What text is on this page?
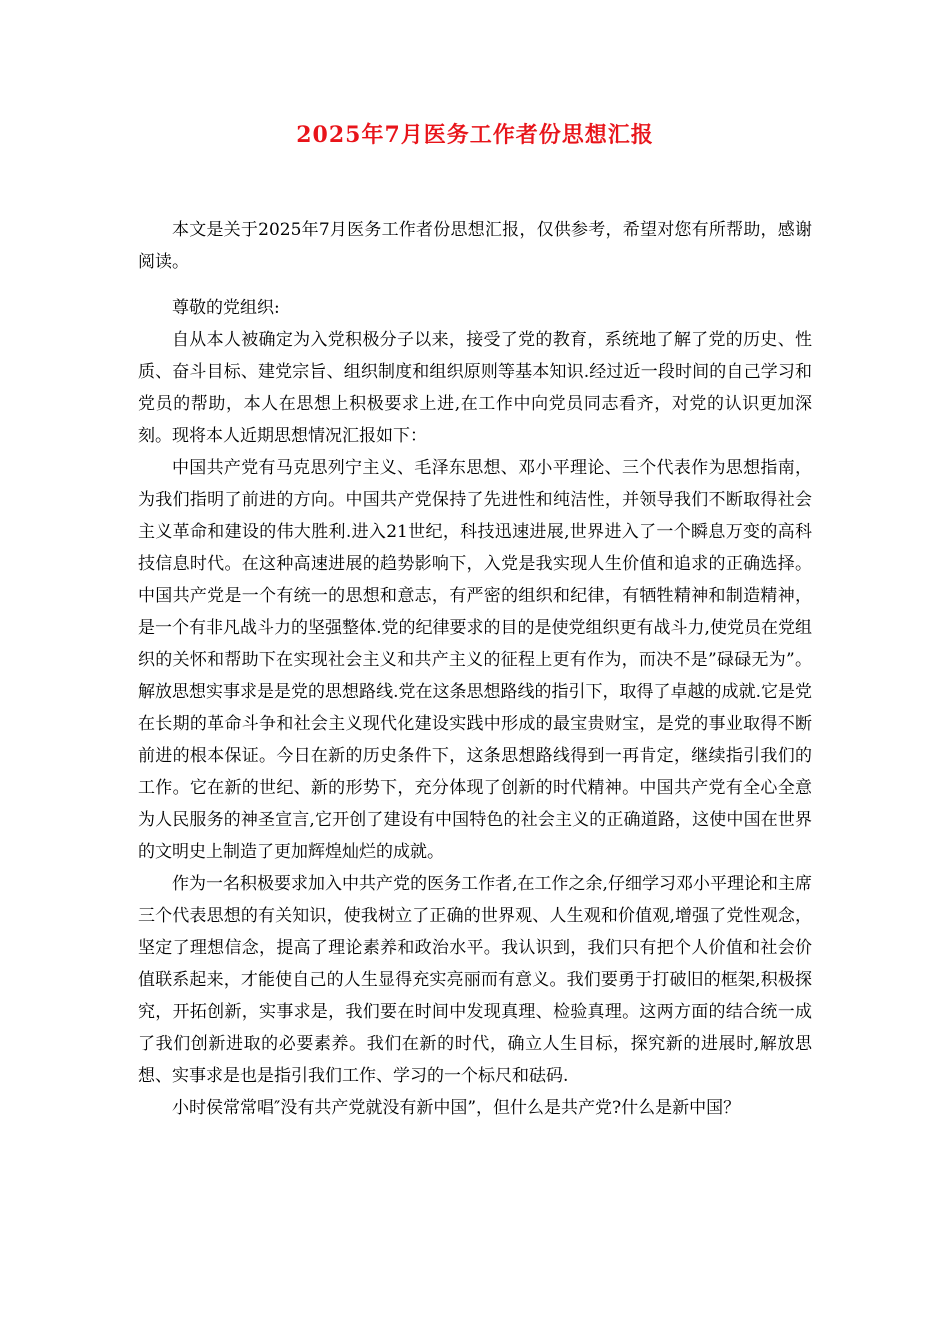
2025年7月医务工作者份思想汇报

本文是关于2025年7月医务工作者份思想汇报，仅供参考，希望对您有所帮助，感谢阅读。

尊敬的党组织:

自从本人被确定为入党积极分子以来，接受了党的教育，系统地了解了党的历史、性质、奋斗目标、建党宗旨、组织制度和组织原则等基本知识.经过近一段时间的自己学习和党员的帮助，本人在思想上积极要求上进,在工作中向党员同志看齐，对党的认识更加深刻。现将本人近期思想情况汇报如下：

中国共产党有马克思列宁主义、毛泽东思想、邓小平理论、三个代表作为思想指南，为我们指明了前进的方向。中国共产党保持了先进性和纯洁性，并领导我们不断取得社会主义革命和建设的伟大胜利.进入21世纪，科技迅速进展,世界进入了一个瞬息万变的高科技信息时代。在这种高速进展的趋势影响下，入党是我实现人生价值和追求的正确选择。中国共产党是一个有统一的思想和意志，有严密的组织和纪律，有牺牲精神和制造精神，是一个有非凡战斗力的坚强整体.党的纪律要求的目的是使党组织更有战斗力,使党员在党组织的关怀和帮助下在实现社会主义和共产主义的征程上更有作为，而决不是”碌碌无为”。解放思想实事求是是党的思想路线.党在这条思想路线的指引下，取得了卓越的成就.它是党在长期的革命斗争和社会主义现代化建设实践中形成的最宝贵财宝，是党的事业取得不断前进的根本保证。今日在新的历史条件下，这条思想路线得到一再肯定，继续指引我们的工作。它在新的世纪、新的形势下，充分体现了创新的时代精神。中国共产党有全心全意为人民服务的神圣宣言,它开创了建设有中国特色的社会主义的正确道路，这使中国在世界的文明史上制造了更加辉煌灿烂的成就。

作为一名积极要求加入中共产党的医务工作者,在工作之余,仔细学习邓小平理论和主席三个代表思想的有关知识，使我树立了正确的世界观、人生观和价值观,增强了党性观念，坚定了理想信念，提高了理论素养和政治水平。我认识到，我们只有把个人价值和社会价值联系起来，才能使自己的人生显得充实亮丽而有意义。我们要勇于打破旧的框架,积极探究，开拓创新，实事求是，我们要在时间中发现真理、检验真理。这两方面的结合统一成了我们创新进取的必要素养。我们在新的时代，确立人生目标，探究新的进展时,解放思想、实事求是也是指引我们工作、学习的一个标尺和砝码.

小时侯常常唱″没有共产党就没有新中国”，但什么是共产党?什么是新中国？
